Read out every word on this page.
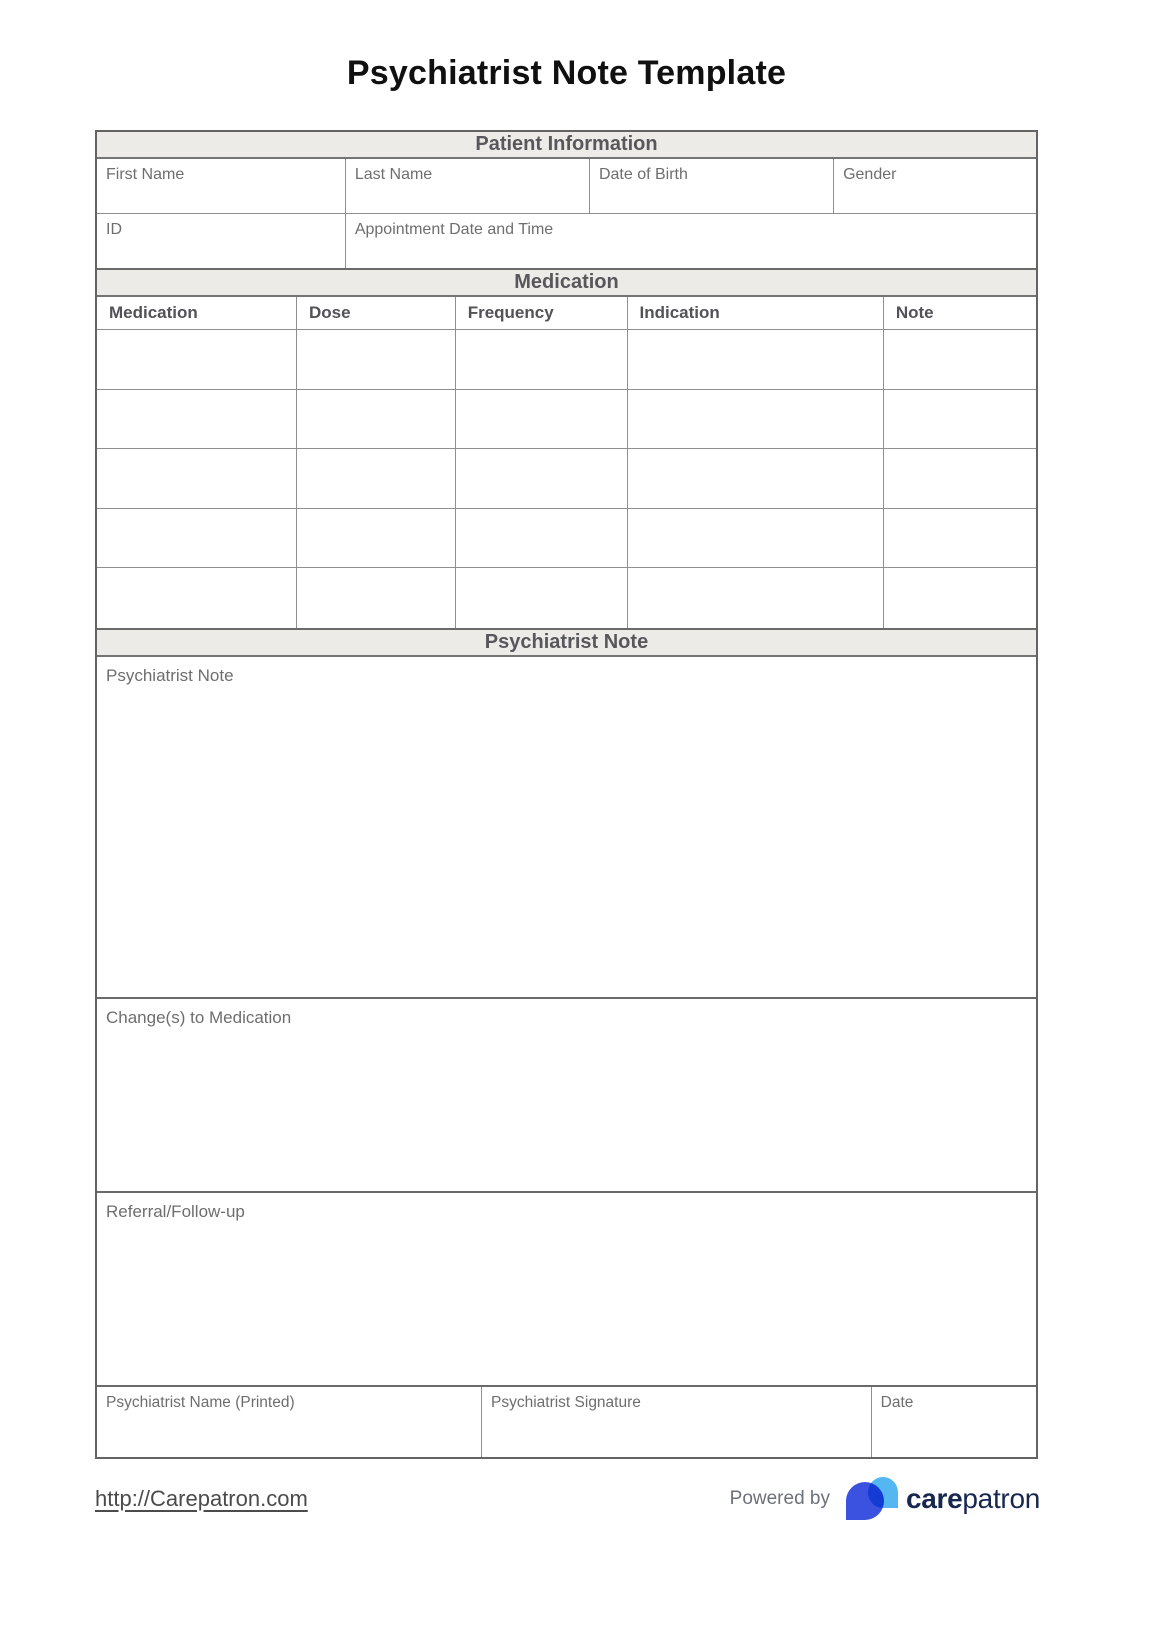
Psychiatrist Note Template
Patient Information
First Name	Last Name	Date of Birth	Gender
ID	Appointment Date and Time
Medication
Medication	Dose	Frequency	Indication	Note
Psychiatrist Note
Psychiatrist Note
Change(s) to Medication
Referral/Follow-up
Psychiatrist Name (Printed)	Psychiatrist Signature	Date
http://Carepatron.com	Powered by	carepatron
